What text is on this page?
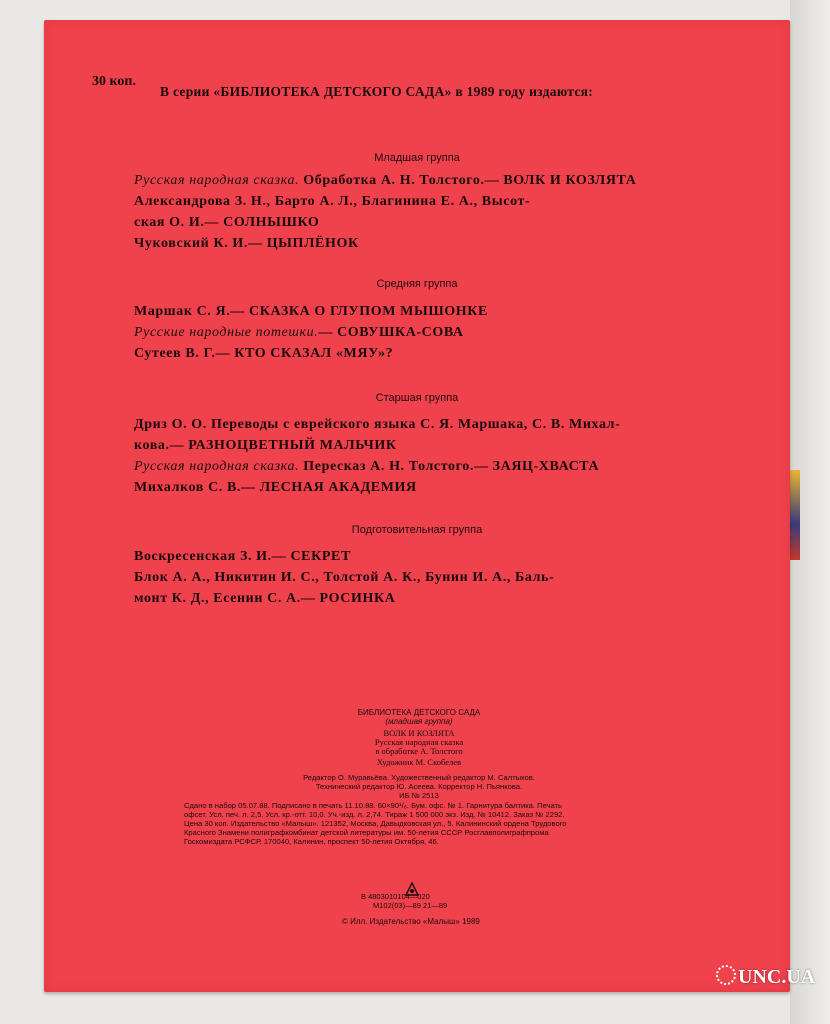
30 коп.
В серии «БИБЛИОТЕКА ДЕТСКОГО САДА» в 1989 году издаются:
Младшая группа
Русская народная сказка. Обработка А. Н. Толстого.— ВОЛК И КОЗЛЯТА
Александрова З. Н., Барто А. Л., Благинина Е. А., Высот-
ская О. И.— СОЛНЫШКО
Чуковский К. И.— ЦЫПЛЁНОК
Средняя группа
Маршак С. Я.— СКАЗКА О ГЛУПОМ МЫШОНКЕ
Русские народные потешки.— СОВУШКА-СОВА
Сутеев В. Г.— КТО СКАЗАЛ «МЯУ»?
Старшая группа
Дриз О. О. Переводы с еврейского языка С. Я. Маршака, С. В. Михал-
кова.— РАЗНОЦВЕТНЫЙ МАЛЬЧИК
Русская народная сказка. Пересказ А. Н. Толстого.— ЗАЯЦ-ХВАСТА
Михалков С. В.— ЛЕСНАЯ АКАДЕМИЯ
Подготовительная группа
Воскресенская З. И.— СЕКРЕТ
Блок А. А., Никитин И. С., Толстой А. К., Бунин И. А., Баль-
монт К. Д., Есенин С. А.— РОСИНКА
БИБЛИОТЕКА ДЕТСКОГО САДА
(младшая группа)
ВОЛК И КОЗЛЯТА
Русская народная сказка
в обработке А. Толстого
Художник М. Скобелев
Редактор О. Муравьёва. Художественный редактор М. Салтыков.
Технический редактор Ю. Асеева. Корректор Н. Пьянкова.
ИБ № 2513
Сдано в набор 05.07.88. Подписано в печать 11.10.88. 60×90¹/₈. Бум. офс. № 1. Гарнитура балтика. Печать
офсет. Усл. печ. л. 2,5. Усл. кр.-отт. 10,0. Уч.-изд. л. 2,74. Тираж 1 500 000 экз. Изд. № 10412. Заказ № 2292.
Цена 30 коп. Издательство «Малыш». 121352, Москва, Давыдковская ул., 5. Калининский ордена Трудового
Красного Знамени полиграфкомбинат детской литературы им. 50-летия СССР Росглавполиграфпрома
Госкомиздата РСФСР. 170040, Калинин, проспект 50-летия Октября, 46.
В 4803010104—020
М102(03)—89 21—89
© Илл. Издательство «Малыш» 1989
UNC.UA
